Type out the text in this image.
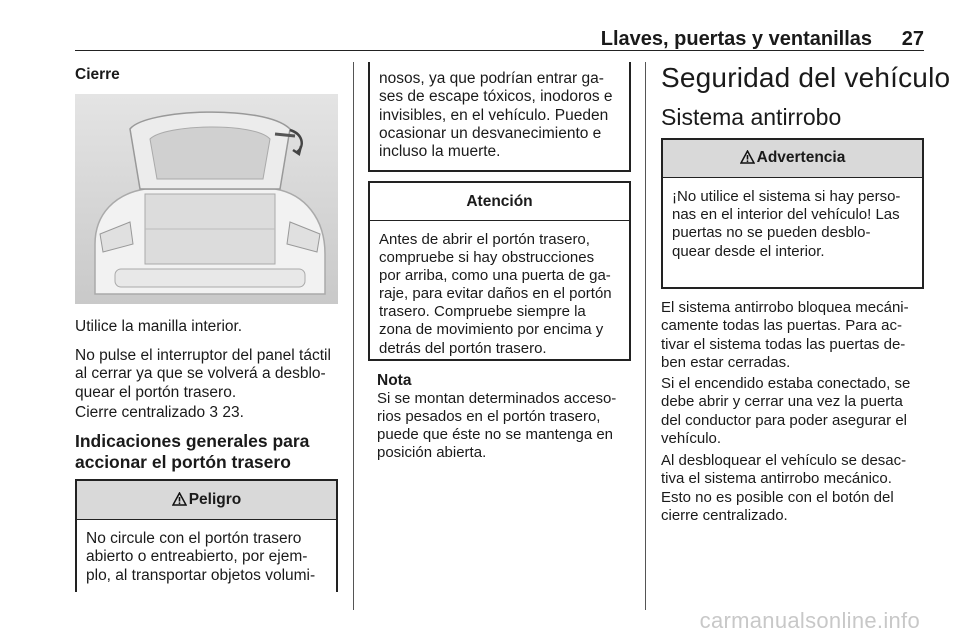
Llaves, puertas y ventanillas 27
Cierre
Utilice la manilla interior.
No pulse el interruptor del panel táctil
al cerrar ya que se volverá a desblo-
quear el portón trasero.
Cierre centralizado 3 23.
Indicaciones generales para
accionar el portón trasero
Peligro
No circule con el portón trasero
abierto o entreabierto, por ejem-
plo, al transportar objetos volumi-
nosos, ya que podrían entrar ga-
ses de escape tóxicos, inodoros e
invisibles, en el vehículo. Pueden
ocasionar un desvanecimiento e
incluso la muerte.
Atención
Antes de abrir el portón trasero,
compruebe si hay obstrucciones
por arriba, como una puerta de ga-
raje, para evitar daños en el portón
trasero. Compruebe siempre la
zona de movimiento por encima y
detrás del portón trasero.
Nota
Si se montan determinados acceso-
rios pesados en el portón trasero,
puede que éste no se mantenga en
posición abierta.
Seguridad del vehículo
Sistema antirrobo
Advertencia
¡No utilice el sistema si hay perso-
nas en el interior del vehículo! Las
puertas no se pueden desblo-
quear desde el interior.
El sistema antirrobo bloquea mecáni-
camente todas las puertas. Para ac-
tivar el sistema todas las puertas de-
ben estar cerradas.
Si el encendido estaba conectado, se
debe abrir y cerrar una vez la puerta
del conductor para poder asegurar el
vehículo.
Al desbloquear el vehículo se desac-
tiva el sistema antirrobo mecánico.
Esto no es posible con el botón del
cierre centralizado.
carmanualsonline.info
